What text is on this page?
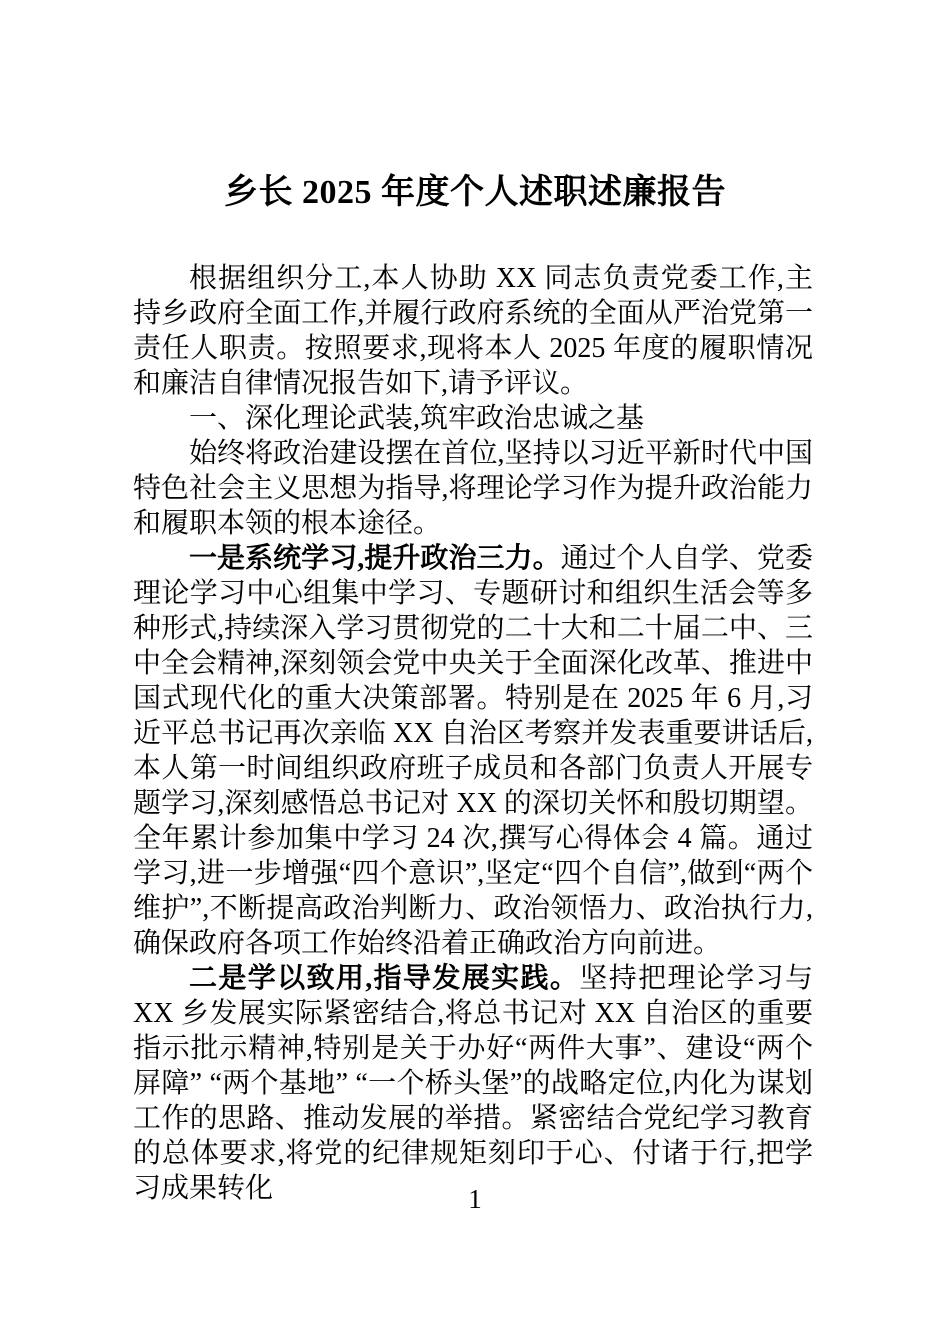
乡长 2025 年度个人述职述廉报告

根据组织分工,本人协助 XX 同志负责党委工作,主持乡政府全面工作,并履行政府系统的全面从严治党第一责任人职责。按照要求,现将本人 2025 年度的履职情况和廉洁自律情况报告如下,请予评议。

一、深化理论武装,筑牢政治忠诚之基

始终将政治建设摆在首位,坚持以习近平新时代中国特色社会主义思想为指导,将理论学习作为提升政治能力和履职本领的根本途径。

一是系统学习,提升政治三力。通过个人自学、党委理论学习中心组集中学习、专题研讨和组织生活会等多种形式,持续深入学习贯彻党的二十大和二十届二中、三中全会精神,深刻领会党中央关于全面深化改革、推进中国式现代化的重大决策部署。特别是在 2025 年 6 月,习近平总书记再次亲临 XX 自治区考察并发表重要讲话后,本人第一时间组织政府班子成员和各部门负责人开展专题学习,深刻感悟总书记对 XX 的深切关怀和殷切期望。全年累计参加集中学习 24 次,撰写心得体会 4 篇。通过学习,进一步增强“四个意识”,坚定“四个自信”,做到“两个维护”,不断提高政治判断力、政治领悟力、政治执行力,确保政府各项工作始终沿着正确政治方向前进。

二是学以致用,指导发展实践。坚持把理论学习与 XX 乡发展实际紧密结合,将总书记对 XX 自治区的重要指示批示精神,特别是关于办好“两件大事”、建设“两个屏障” “两个基地” “一个桥头堡”的战略定位,内化为谋划工作的思路、推动发展的举措。紧密结合党纪学习教育的总体要求,将党的纪律规矩刻印于心、付诸于行,把学习成果转化	1
